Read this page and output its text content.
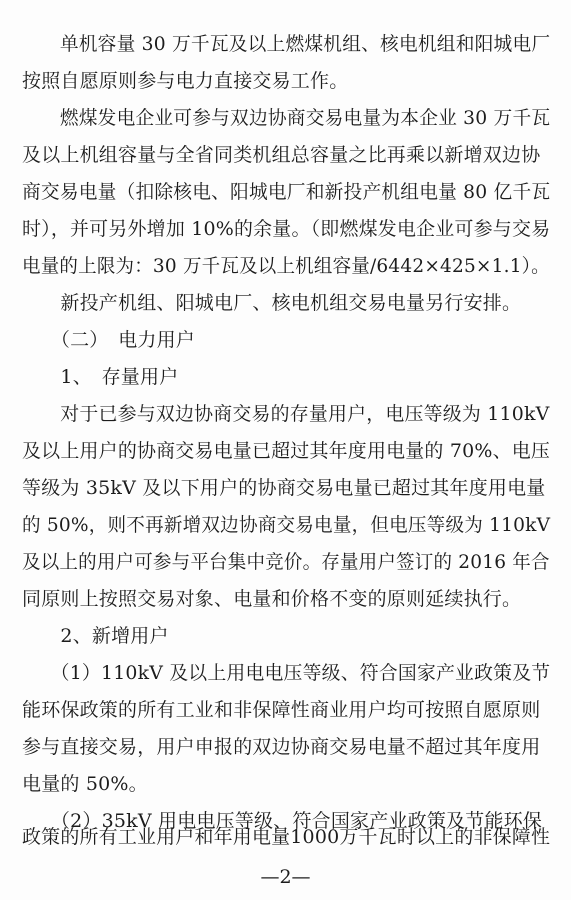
　　单机容量 30 万千瓦及以上燃煤机组、核电机组和阳城电厂
按照自愿原则参与电力直接交易工作。
　　燃煤发电企业可参与双边协商交易电量为本企业 30 万千瓦
及以上机组容量与全省同类机组总容量之比再乘以新增双边协
商交易电量（扣除核电、阳城电厂和新投产机组电量 80 亿千瓦
时），并可另外增加 10%的余量。（即燃煤发电企业可参与交易
电量的上限为：30 万千瓦及以上机组容量/6442×425×1.1）。
　　新投产机组、阳城电厂、核电机组交易电量另行安排。
　　（二）　电力用户
　　1、　存量用户
　　对于已参与双边协商交易的存量用户，电压等级为 110kV
及以上用户的协商交易电量已超过其年度用电量的 70%、电压
等级为 35kV 及以下用户的协商交易电量已超过其年度用电量
的 50%，则不再新增双边协商交易电量，但电压等级为 110kV
及以上的用户可参与平台集中竞价。存量用户签订的 2016 年合
同原则上按照交易对象、电量和价格不变的原则延续执行。
　　2、新增用户
　　（1）110kV 及以上用电电压等级、符合国家产业政策及节
能环保政策的所有工业和非保障性商业用户均可按照自愿原则
参与直接交易，用户申报的双边协商交易电量不超过其年度用
电量的 50%。
　　（2）35kV 用电电压等级、符合国家产业政策及节能环保
政策的所有工业用户和年用电量1000万千瓦时以上的非保障性
—2—
